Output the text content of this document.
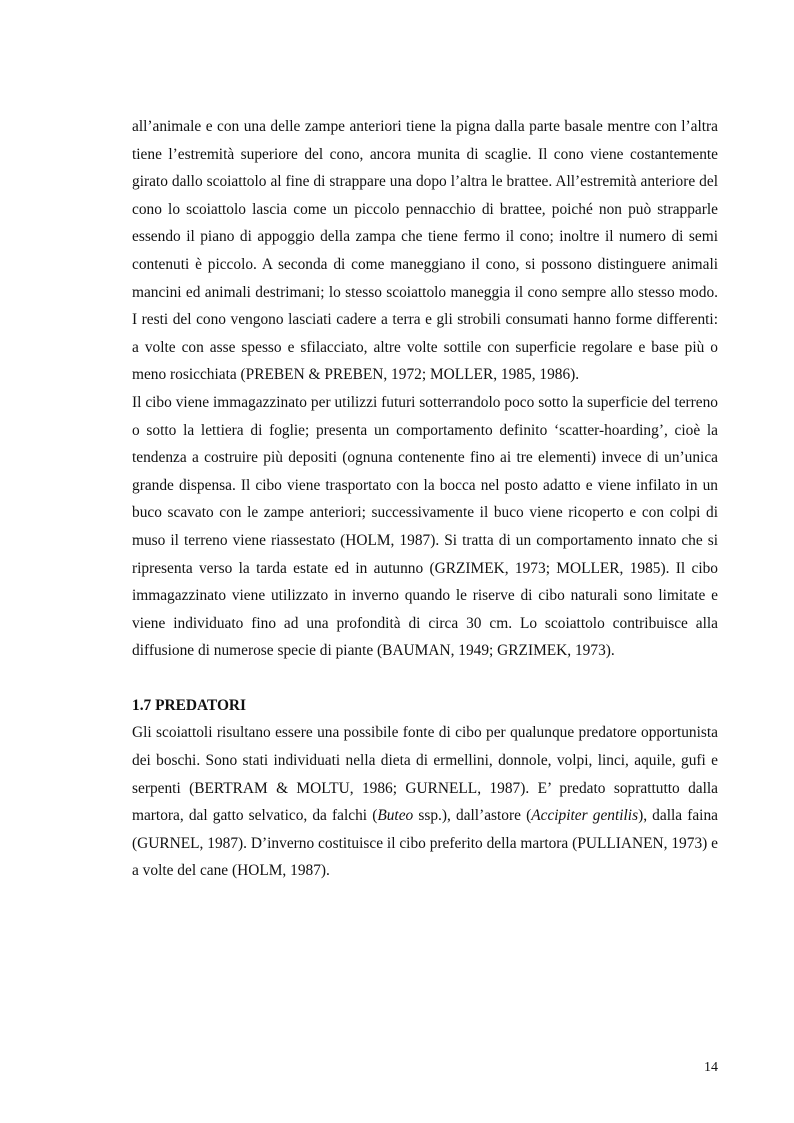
all’animale e con una delle zampe anteriori tiene la pigna dalla parte basale mentre con l’altra tiene l’estremità superiore del cono, ancora munita di scaglie. Il cono viene costantemente girato dallo scoiattolo al fine di strappare una dopo l’altra le brattee. All’estremità anteriore del cono lo scoiattolo lascia come un piccolo pennacchio di brattee, poiché non può strapparle essendo il piano di appoggio della zampa che tiene fermo il cono; inoltre il numero di semi contenuti è piccolo. A seconda di come maneggiano il cono, si possono distinguere animali mancini ed animali destrimani; lo stesso scoiattolo maneggia il cono sempre allo stesso modo. I resti del cono vengono lasciati cadere a terra e gli strobili consumati hanno forme differenti: a volte con asse spesso e sfilacciato, altre volte sottile con superficie regolare e base più o meno rosicchiata (PREBEN & PREBEN, 1972; MOLLER, 1985, 1986).

Il cibo viene immagazzinato per utilizzi futuri sotterrandolo poco sotto la superficie del terreno o sotto la lettiera di foglie; presenta un comportamento definito ‘scatter-hoarding’, cioè la tendenza a costruire più depositi (ognuna contenente fino ai tre elementi) invece di un’unica grande dispensa. Il cibo viene trasportato con la bocca nel posto adatto e viene infilato in un buco scavato con le zampe anteriori; successivamente il buco viene ricoperto e con colpi di muso il terreno viene riassestato (HOLM, 1987). Si tratta di un comportamento innato che si ripresenta verso la tarda estate ed in autunno (GRZIMEK, 1973; MOLLER, 1985). Il cibo immagazzinato viene utilizzato in inverno quando le riserve di cibo naturali sono limitate e viene individuato fino ad una profondità di circa 30 cm. Lo scoiattolo contribuisce alla diffusione di numerose specie di piante (BAUMAN, 1949; GRZIMEK, 1973).

1.7 PREDATORI

Gli scoiattoli risultano essere una possibile fonte di cibo per qualunque predatore opportunista dei boschi. Sono stati individuati nella dieta di ermellini, donnole, volpi, linci, aquile, gufi e serpenti (BERTRAM & MOLTU, 1986; GURNELL, 1987). E’ predato soprattutto dalla martora, dal gatto selvatico, da falchi (Buteo ssp.), dall’astore (Accipiter gentilis), dalla faina (GURNEL, 1987). D’inverno costituisce il cibo preferito della martora (PULLIANEN, 1973) e a volte del cane (HOLM, 1987).

14
